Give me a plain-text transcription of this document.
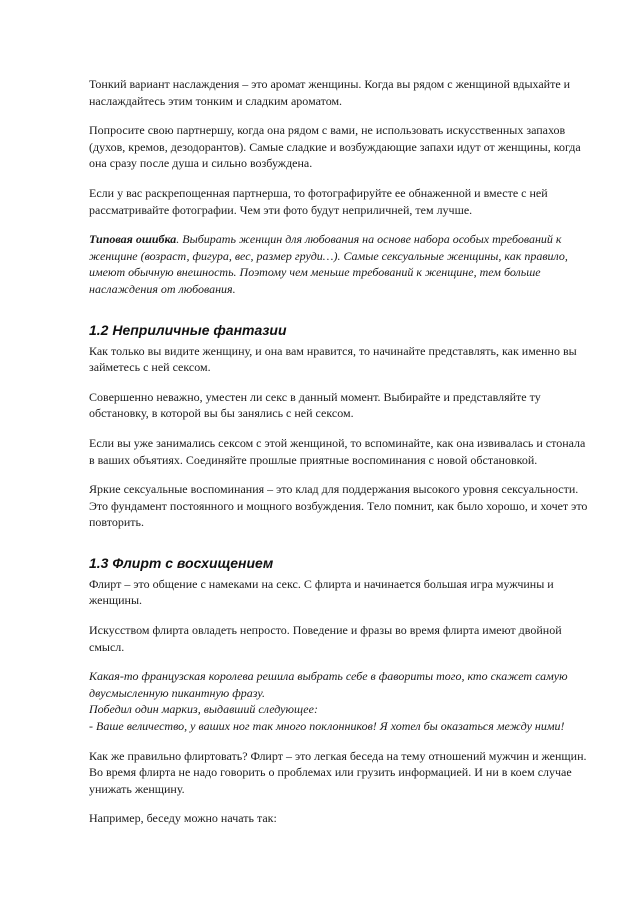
Тонкий вариант наслаждения – это аромат женщины. Когда вы рядом с женщиной вдыхайте и наслаждайтесь этим тонким и сладким ароматом.

Попросите свою партнершу, когда она рядом с вами, не использовать искусственных запахов (духов, кремов, дезодорантов). Самые сладкие и возбуждающие запахи идут от женщины, когда она сразу после душа и сильно возбуждена.

Если у вас раскрепощенная партнерша, то фотографируйте ее обнаженной и вместе с ней рассматривайте фотографии. Чем эти фото будут неприличней, тем лучше.

Типовая ошибка. Выбирать женщин для любования на основе набора особых требований к женщине (возраст, фигура, вес, размер груди…). Самые сексуальные женщины, как правило, имеют обычную внешность. Поэтому чем меньше требований к женщине, тем больше наслаждения от любования.

1.2 Неприличные фантазии

Как только вы видите женщину, и она вам нравится, то начинайте представлять, как именно вы займетесь с ней сексом.

Совершенно неважно, уместен ли секс в данный момент. Выбирайте и представляйте ту обстановку, в которой вы бы занялись с ней сексом.

Если вы уже занимались сексом с этой женщиной, то вспоминайте, как она извивалась и стонала в ваших объятиях. Соединяйте прошлые приятные воспоминания с новой обстановкой.

Яркие сексуальные воспоминания – это клад для поддержания высокого уровня сексуальности. Это фундамент постоянного и мощного возбуждения. Тело помнит, как было хорошо, и хочет это повторить.

1.3 Флирт с восхищением

Флирт – это общение с намеками на секс. С флирта и начинается большая игра мужчины и женщины.

Искусством флирта овладеть непросто. Поведение и фразы во время флирта имеют двойной смысл.

Какая-то французская королева решила выбрать себе в фавориты того, кто скажет самую двусмысленную пикантную фразу.

Победил один маркиз, выдавший следующее:

- Ваше величество, у ваших ног так много поклонников! Я хотел бы оказаться между ними!

Как же правильно флиртовать? Флирт – это легкая беседа на тему отношений мужчин и женщин. Во время флирта не надо говорить о проблемах или грузить информацией. И ни в коем случае унижать женщину.

Например, беседу можно начать так:
